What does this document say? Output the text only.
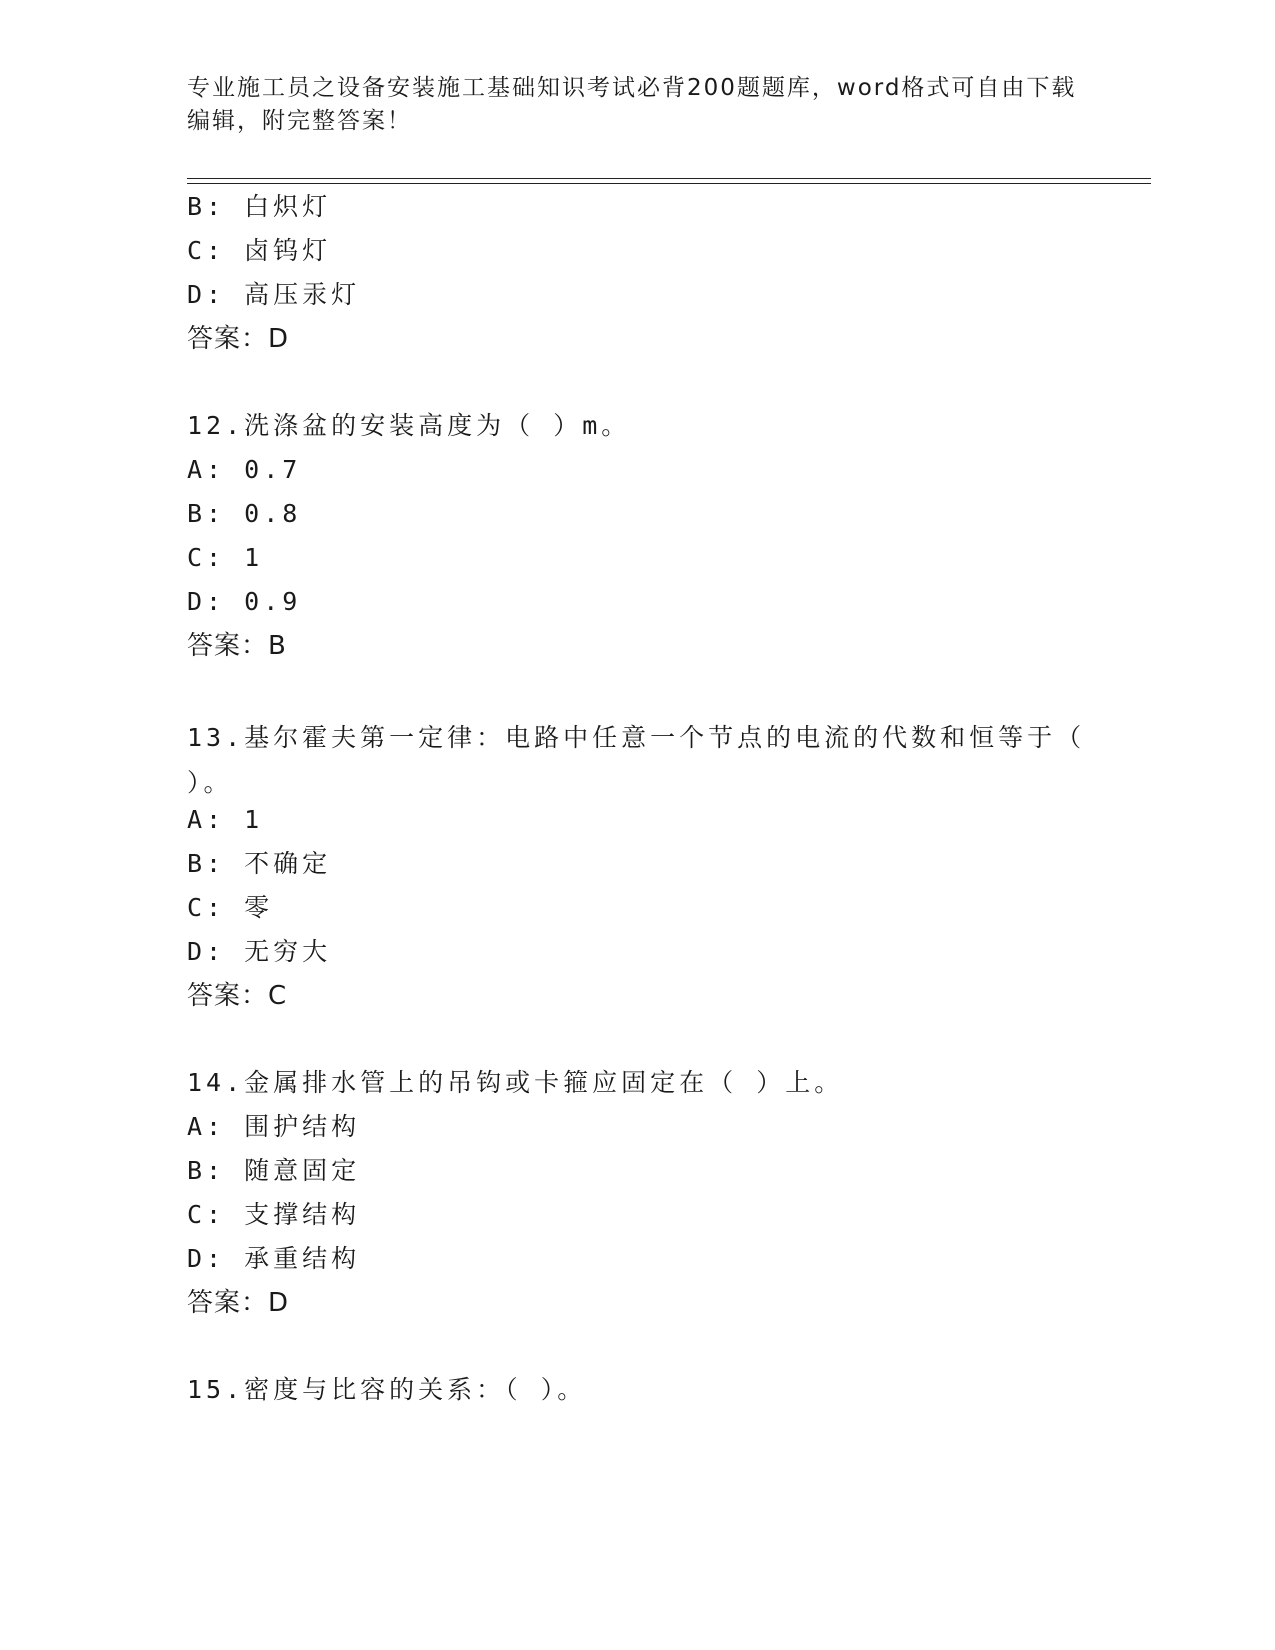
专业施工员之设备安装施工基础知识考试必背200题题库，word格式可自由下载编辑，附完整答案！
B: 白炽灯
C: 卤钨灯
D: 高压汞灯
答案：D
12.洗涤盆的安装高度为（ ）m。
A: 0.7
B: 0.8
C: 1
D: 0.9
答案：B
13.基尔霍夫第一定律：电路中任意一个节点的电流的代数和恒等于（ ）。
A: 1
B: 不确定
C: 零
D: 无穷大
答案：C
14.金属排水管上的吊钩或卡箍应固定在（ ）上。
A: 围护结构
B: 随意固定
C: 支撑结构
D: 承重结构
答案：D
15.密度与比容的关系：（ ）。
